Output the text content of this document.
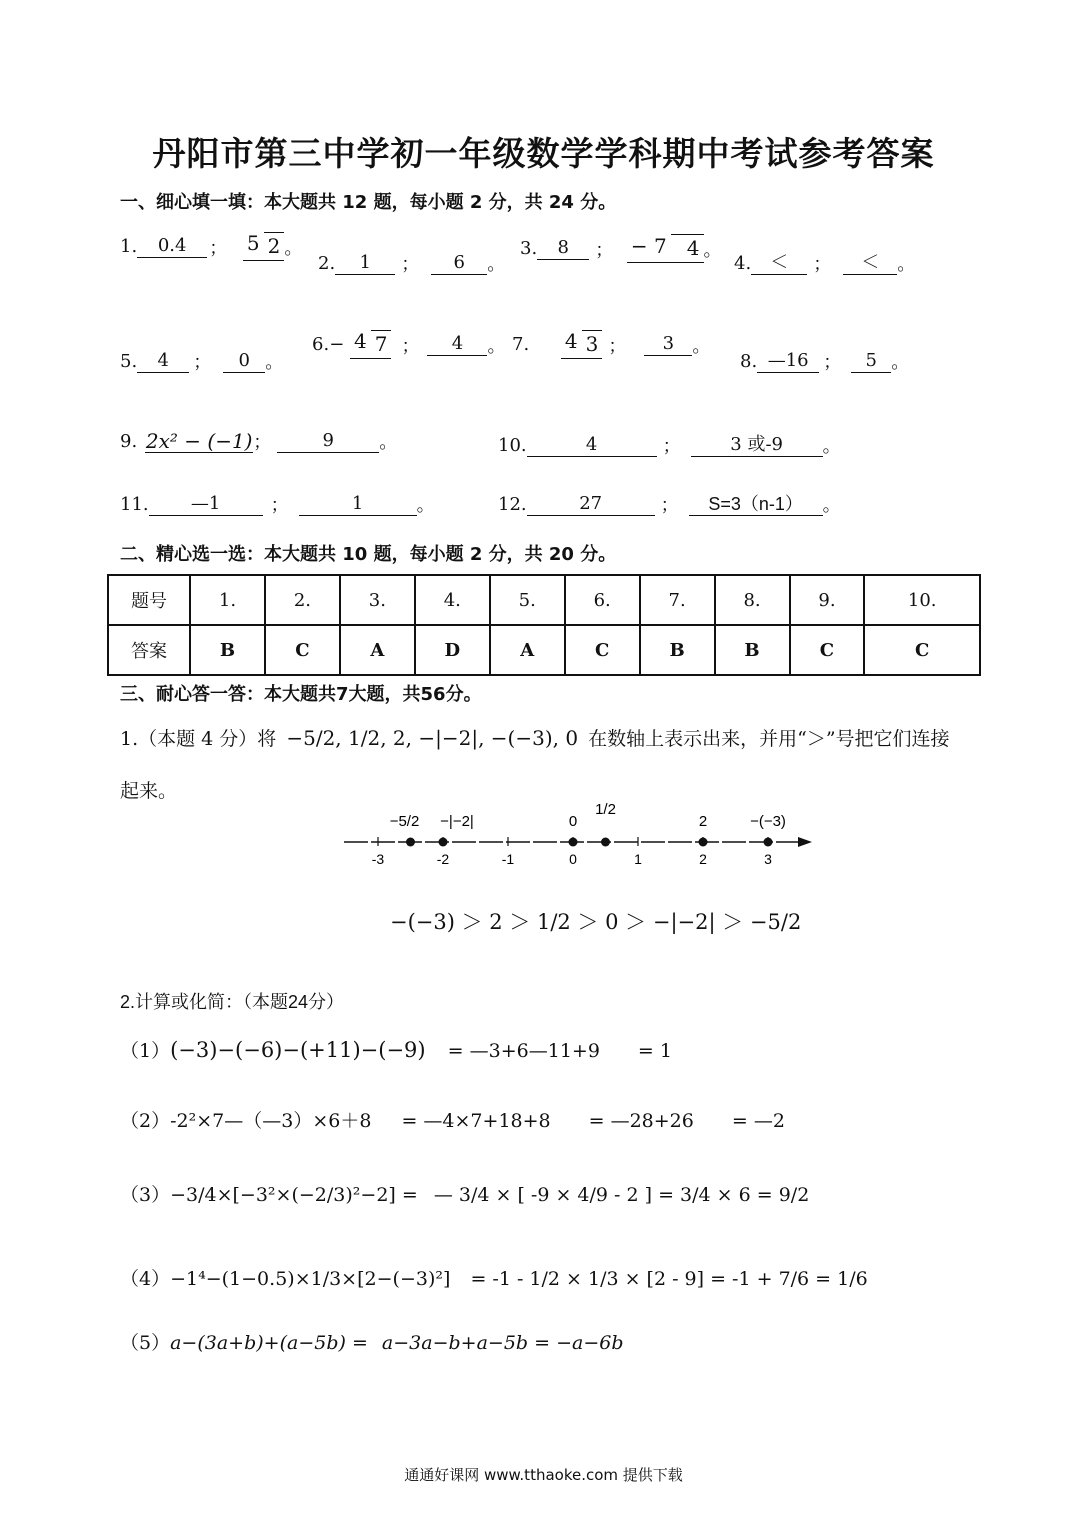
丹阳市第三中学初一年级数学学科期中考试参考答案
一、细心填一填：本大题共 12 题，每小题 2 分，共 24 分。
1. 0.4 ； 5 2 。
2. 1 ； 6 。
3. 8 ； − 7 4 。
4. ＜ ； ＜ 。
5. 4 ； 0 。
6.− 4 7 ； 4 。 7. 4 3 ； 3 。
8. —16 ； 5 。
9. 2x² − (−1)；	9	。	10.	4	；	3 或-9 。
11. —1	；	1	。	12.	27	； S=3（n-1） 。
二、精心选一选：本大题共 10 题，每小题 2 分，共 20 分。
题号	1.	2.	3.	4.	5.	6.	7.	8.	9.	10.
答案	B	C	A	D	A	C	B	B	C	C
三、耐心答一答：本大题共7大题，共56分。
1.（本题 4 分）将 −5/2, 1/2, 2, −|−2|, −(−3), 0 在数轴上表示出来，并用“＞”号把它们连接
起来。
-3	-2	-1	0	1	2	3
−5/2 −|−2|	0
1/2
2	−(−3)
−(−3) ＞ 2 ＞ 1/2 ＞ 0 ＞ −|−2| ＞ −5/2
2.计算或化简：（本题24分）
（1）(−3)−(−6)−(+11)−(−9) = —3+6—11+9　　= 1
（2）-2²×7—（—3）×6＋8 = —4×7+18+8　　= —28+26　　= —2
（3）−3/4×[−3²×(−2/3)²−2] = — 3/4 × [ -9 × 4/9 - 2 ] = 3/4 × 6 = 9/2
（4）−1⁴−(1−0.5)×1/3×[2−(−3)²] = -1 - 1/2 × 1/3 × [2 - 9] = -1 + 7/6 = 1/6
（5）a−(3a+b)+(a−5b) = a−3a−b+a−5b = −a−6b
通通好课网 www.tthaoke.com 提供下载
